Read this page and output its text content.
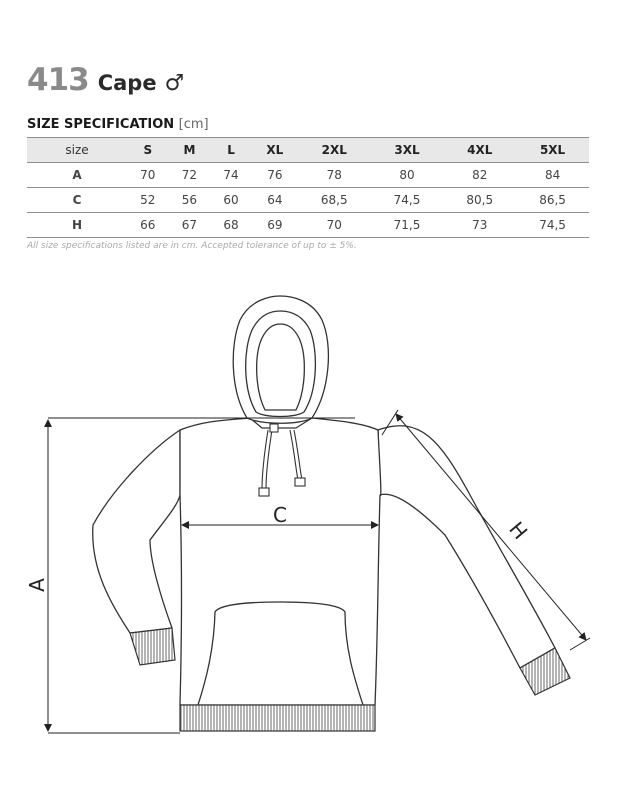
413 Cape ♂
SIZE SPECIFICATION [cm]
size	S	M	L	XL	2XL	3XL	4XL	5XL
A	70	72	74	76	78	80	82	84
C	52	56	60	64	68,5	74,5	80,5	86,5
H	66	67	68	69	70	71,5	73	74,5
All size specifications listed are in cm. Accepted tolerance of up to ± 5%.
A
C
H
